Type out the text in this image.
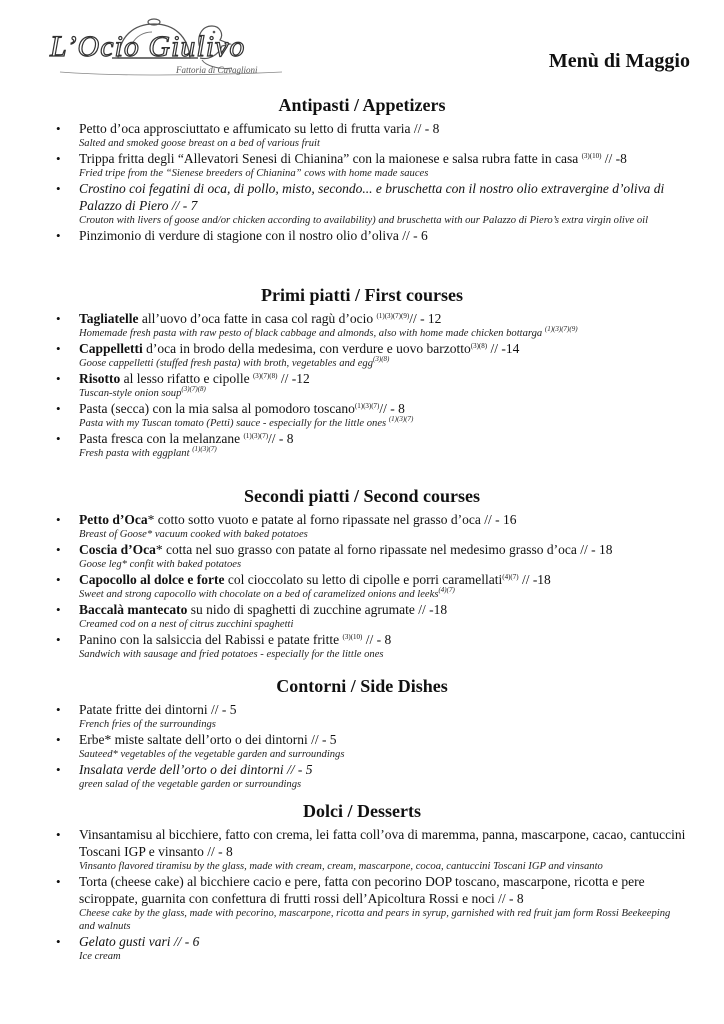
L’Ocio Giulivo
Fattoria di Cavaglioni	Menù di Maggio
Antipasti / Appetizers
• Petto d’oca approsciuttato e affumicato su letto di frutta varia // - 8
Salted and smoked goose breast on a bed of various fruit
• Trippa fritta degli “Allevatori Senesi di Chianina” con la maionese e salsa rubra fatte in casa $^{(3)(10)}$ // -8
Fried tripe from the “Sienese breeders of Chianina” cows with home made sauces
• Crostino coi fegatini di oca, di pollo, misto, secondo... e bruschetta con il nostro olio extravergine d’oliva di Palazzo di Piero // - 7
Crouton with livers of goose and/or chicken according to availability) and bruschetta with our Palazzo di Piero’s extra virgin olive oil
• Pinzimonio di verdure di stagione con il nostro olio d’oliva // - 6
Primi piatti / First courses
• Tagliatelle all’uovo d’oca fatte in casa col ragù d’ocio $^{(1)(3)(7)(9)}$// - 12
Homemade fresh pasta with raw pesto of black cabbage and almonds, also with home made chicken bottarga $^{(1)(3)(7)(9)}$
• Cappelletti d’oca in brodo della medesima, con verdure e uovo barzotto$^{(3)(8)}$ // -14
Goose cappelletti (stuffed fresh pasta) with broth, vegetables and egg$^{(3)(8)}$
• Risotto al lesso rifatto e cipolle $^{(3)(7)(8)}$ // -12
Tuscan-style onion soup$^{(3)(7)(8)}$
• Pasta (secca) con la mia salsa al pomodoro toscano$^{(1)(3)(7)}$// - 8
Pasta with my Tuscan tomato (Petti) sauce - especially for the little ones $^{(1)(3)(7)}$
• Pasta fresca con la melanzane $^{(1)(3)(7)}$// - 8
Fresh pasta with eggplant $^{(1)(3)(7)}$
Secondi piatti / Second courses
• Petto d’Oca* cotto sotto vuoto e patate al forno ripassate nel grasso d’oca // - 16
Breast of Goose* vacuum cooked with baked potatoes
• Coscia d’Oca* cotta nel suo grasso con patate al forno ripassate nel medesimo grasso d’oca // - 18
Goose leg* confit with baked potatoes
• Capocollo al dolce e forte col cioccolato su letto di cipolle e porri caramellati$^{(4)(7)}$ // -18
Sweet and strong capocollo with chocolate on a bed of caramelized onions and leeks$^{(4)(7)}$
• Baccalà mantecato su nido di spaghetti di zucchine agrumate // -18
Creamed cod on a nest of citrus zucchini spaghetti
• Panino con la salsiccia del Rabissi e patate fritte $^{(3)(10)}$ // - 8
Sandwich with sausage and fried potatoes - especially for the little ones
Contorni / Side Dishes
• Patate fritte dei dintorni // - 5
French fries of the surroundings
• Erbe* miste saltate dell’orto o dei dintorni // - 5
Sauteed* vegetables of the vegetable garden and surroundings
• Insalata verde dell’orto o dei dintorni // - 5
green salad of the vegetable garden or surroundings
Dolci / Desserts
• Vinsantamisu al bicchiere, fatto con crema, lei fatta coll’ova di maremma, panna, mascarpone, cacao, cantuccini Toscani IGP e vinsanto // - 8
Vinsanto flavored tiramisu by the glass, made with cream, cream, mascarpone, cocoa, cantuccini Toscani IGP and vinsanto
• Torta (cheese cake) al bicchiere cacio e pere, fatta con pecorino DOP toscano, mascarpone, ricotta e pere sciroppate, guarnita con confettura di frutti rossi dell’Apicoltura Rossi e noci // - 8
Cheese cake by the glass, made with pecorino, mascarpone, ricotta and pears in syrup, garnished with red fruit jam form Rossi Beekeeping and walnuts
• Gelato gusti vari // - 6
Ice cream
